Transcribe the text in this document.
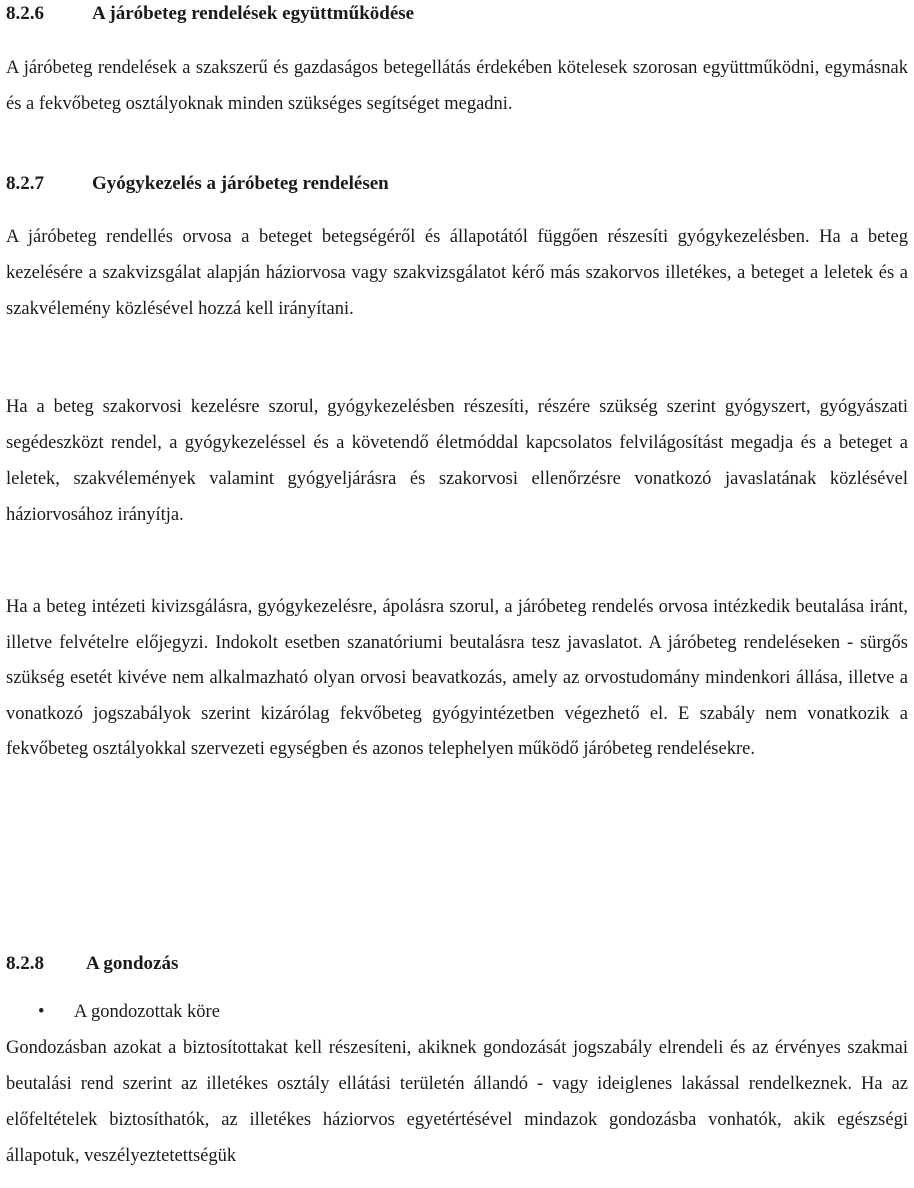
8.2.6	A járóbeteg rendelések együttműködése
A járóbeteg rendelések a szakszerű és gazdaságos betegellátás érdekében kötelesek szorosan együttműködni, egymásnak és a fekvőbeteg osztályoknak minden szükséges segítséget megadni.
8.2.7	Gyógykezelés a járóbeteg rendelésen
A járóbeteg rendellés orvosa a beteget betegségéről és állapotától függően részesíti gyógykezelésben. Ha a beteg kezelésére a szakvizsgálat alapján háziorvosa vagy szakvizsgálatot kérő más szakorvos illetékes, a beteget a leletek és a szakvélemény közlésével hozzá kell irányítani.
Ha a beteg szakorvosi kezelésre szorul, gyógykezelésben részesíti, részére szükség szerint gyógyszert, gyógyászati segédeszközt rendel, a gyógykezeléssel és a követendő életmóddal kapcsolatos felvilágosítást megadja és a beteget a leletek, szakvélemények valamint gyógyeljárásra és szakorvosi ellenőrzésre vonatkozó javaslatának közlésével háziorvosához irányítja.
Ha a beteg intézeti kivizsgálásra, gyógykezelésre, ápolásra szorul, a járóbeteg rendelés orvosa intézkedik beutalása iránt, illetve felvételre előjegyzi. Indokolt esetben szanatóriumi beutalásra tesz javaslatot. A járóbeteg rendeléseken - sürgős szükség esetét kivéve nem alkalmazható olyan orvosi beavatkozás, amely az orvostudomány mindenkori állása, illetve a vonatkozó jogszabályok szerint kizárólag fekvőbeteg gyógyintézetben végezhető el. E szabály nem vonatkozik a fekvőbeteg osztályokkal szervezeti egységben és azonos telephelyen működő járóbeteg rendelésekre.
8.2.8 A gondozás
• A gondozottak köre
Gondozásban azokat a biztosítottakat kell részesíteni, akiknek gondozását jogszabály elrendeli és az érvényes szakmai beutalási rend szerint az illetékes osztály ellátási területén állandó - vagy ideiglenes lakással rendelkeznek. Ha az előfeltételek biztosíthatók, az illetékes háziorvos egyetértésével mindazok gondozásba vonhatók, akik egészségi állapotuk, veszélyeztetettségük
